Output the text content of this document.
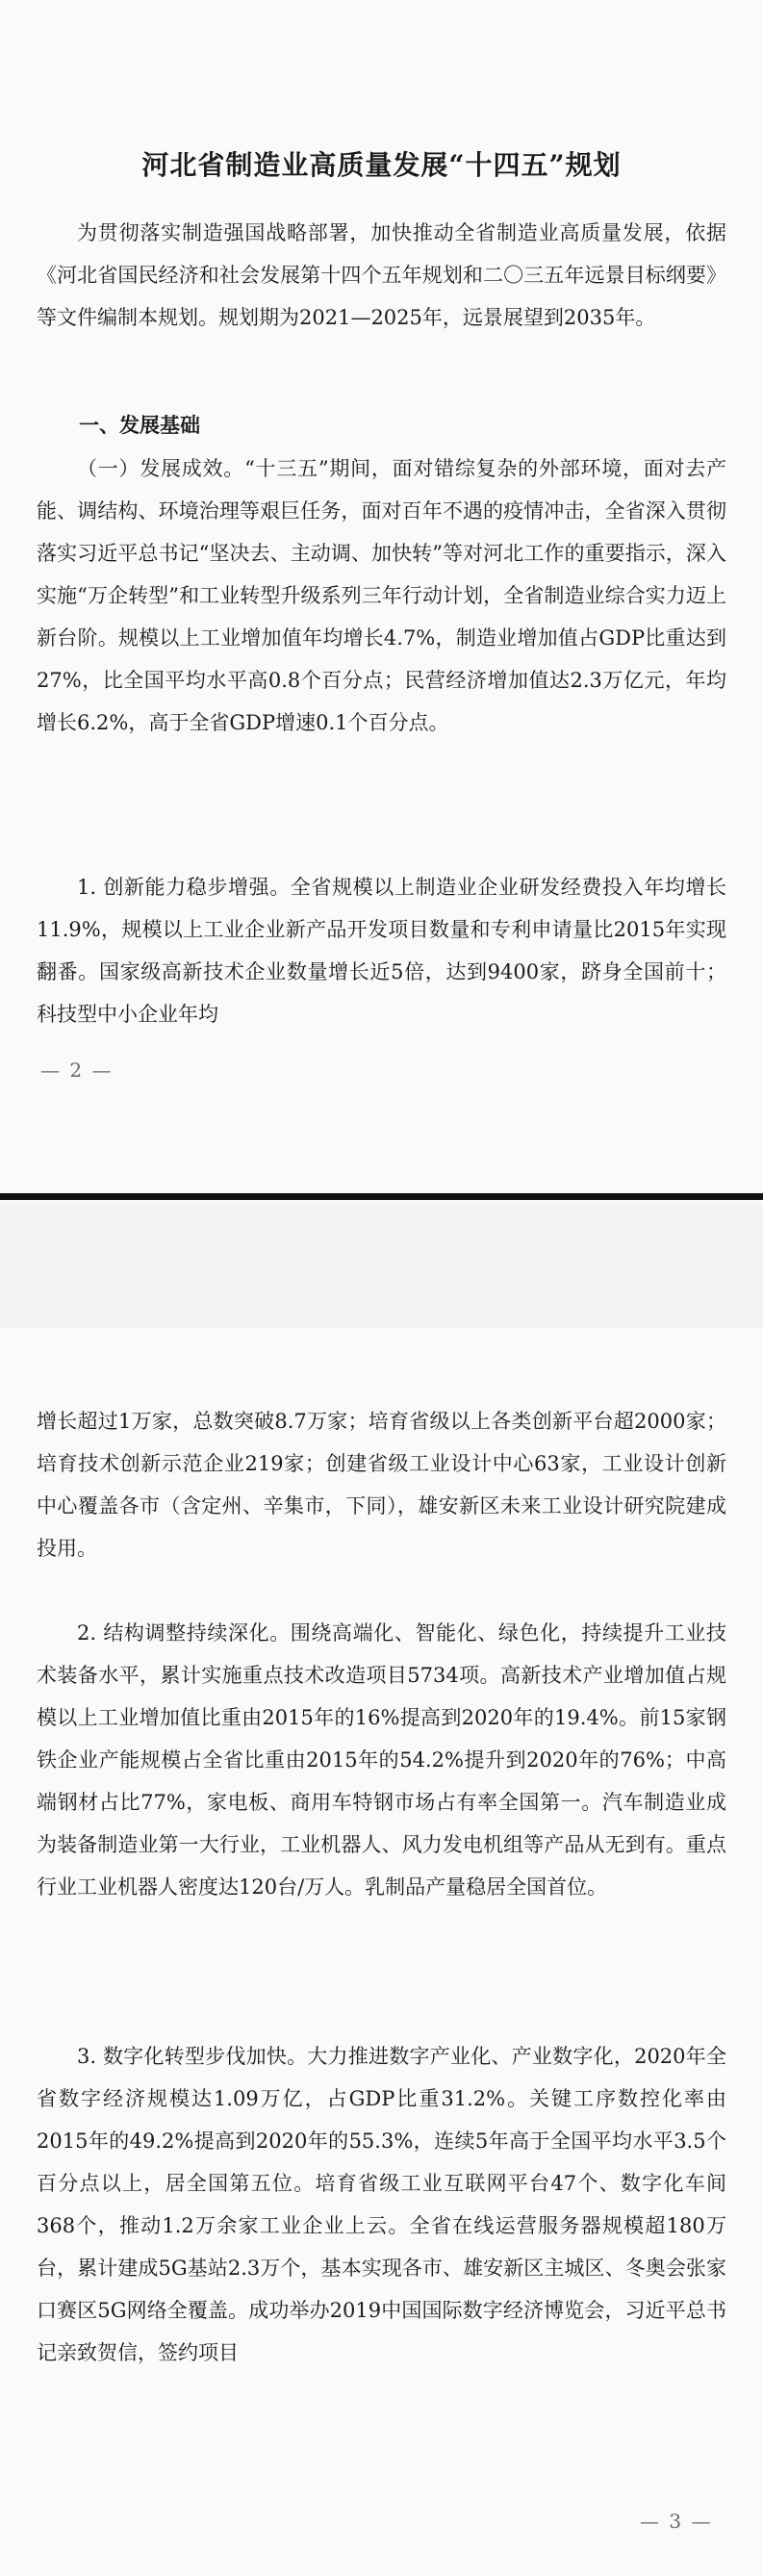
河北省制造业高质量发展“十四五”规划

为贯彻落实制造强国战略部署，加快推动全省制造业高质量发展，依据《河北省国民经济和社会发展第十四个五年规划和二〇三五年远景目标纲要》等文件编制本规划。规划期为2021—2025年，远景展望到2035年。

一、发展基础

（一）发展成效。“十三五”期间，面对错综复杂的外部环境，面对去产能、调结构、环境治理等艰巨任务，面对百年不遇的疫情冲击，全省深入贯彻落实习近平总书记“坚决去、主动调、加快转”等对河北工作的重要指示，深入实施“万企转型”和工业转型升级系列三年行动计划，全省制造业综合实力迈上新台阶。规模以上工业增加值年均增长4.7%，制造业增加值占GDP比重达到27%，比全国平均水平高0.8个百分点；民营经济增加值达2.3万亿元，年均增长6.2%，高于全省GDP增速0.1个百分点。

1. 创新能力稳步增强。全省规模以上制造业企业研发经费投入年均增长11.9%，规模以上工业企业新产品开发项目数量和专利申请量比2015年实现翻番。国家级高新技术企业数量增长近5倍，达到9400家，跻身全国前十；科技型中小企业年均

— 2 —

增长超过1万家，总数突破8.7万家；培育省级以上各类创新平台超2000家；培育技术创新示范企业219家；创建省级工业设计中心63家，工业设计创新中心覆盖各市（含定州、辛集市，下同），雄安新区未来工业设计研究院建成投用。

2. 结构调整持续深化。围绕高端化、智能化、绿色化，持续提升工业技术装备水平，累计实施重点技术改造项目5734项。高新技术产业增加值占规模以上工业增加值比重由2015年的16%提高到2020年的19.4%。前15家钢铁企业产能规模占全省比重由2015年的54.2%提升到2020年的76%；中高端钢材占比77%，家电板、商用车特钢市场占有率全国第一。汽车制造业成为装备制造业第一大行业，工业机器人、风力发电机组等产品从无到有。重点行业工业机器人密度达120台/万人。乳制品产量稳居全国首位。

3. 数字化转型步伐加快。大力推进数字产业化、产业数字化，2020年全省数字经济规模达1.09万亿，占GDP比重31.2%。关键工序数控化率由2015年的49.2%提高到2020年的55.3%，连续5年高于全国平均水平3.5个百分点以上，居全国第五位。培育省级工业互联网平台47个、数字化车间368个，推动1.2万余家工业企业上云。全省在线运营服务器规模超180万台，累计建成5G基站2.3万个，基本实现各市、雄安新区主城区、冬奥会张家口赛区5G网络全覆盖。成功举办2019中国国际数字经济博览会，习近平总书记亲致贺信，签约项目

— 3 —
